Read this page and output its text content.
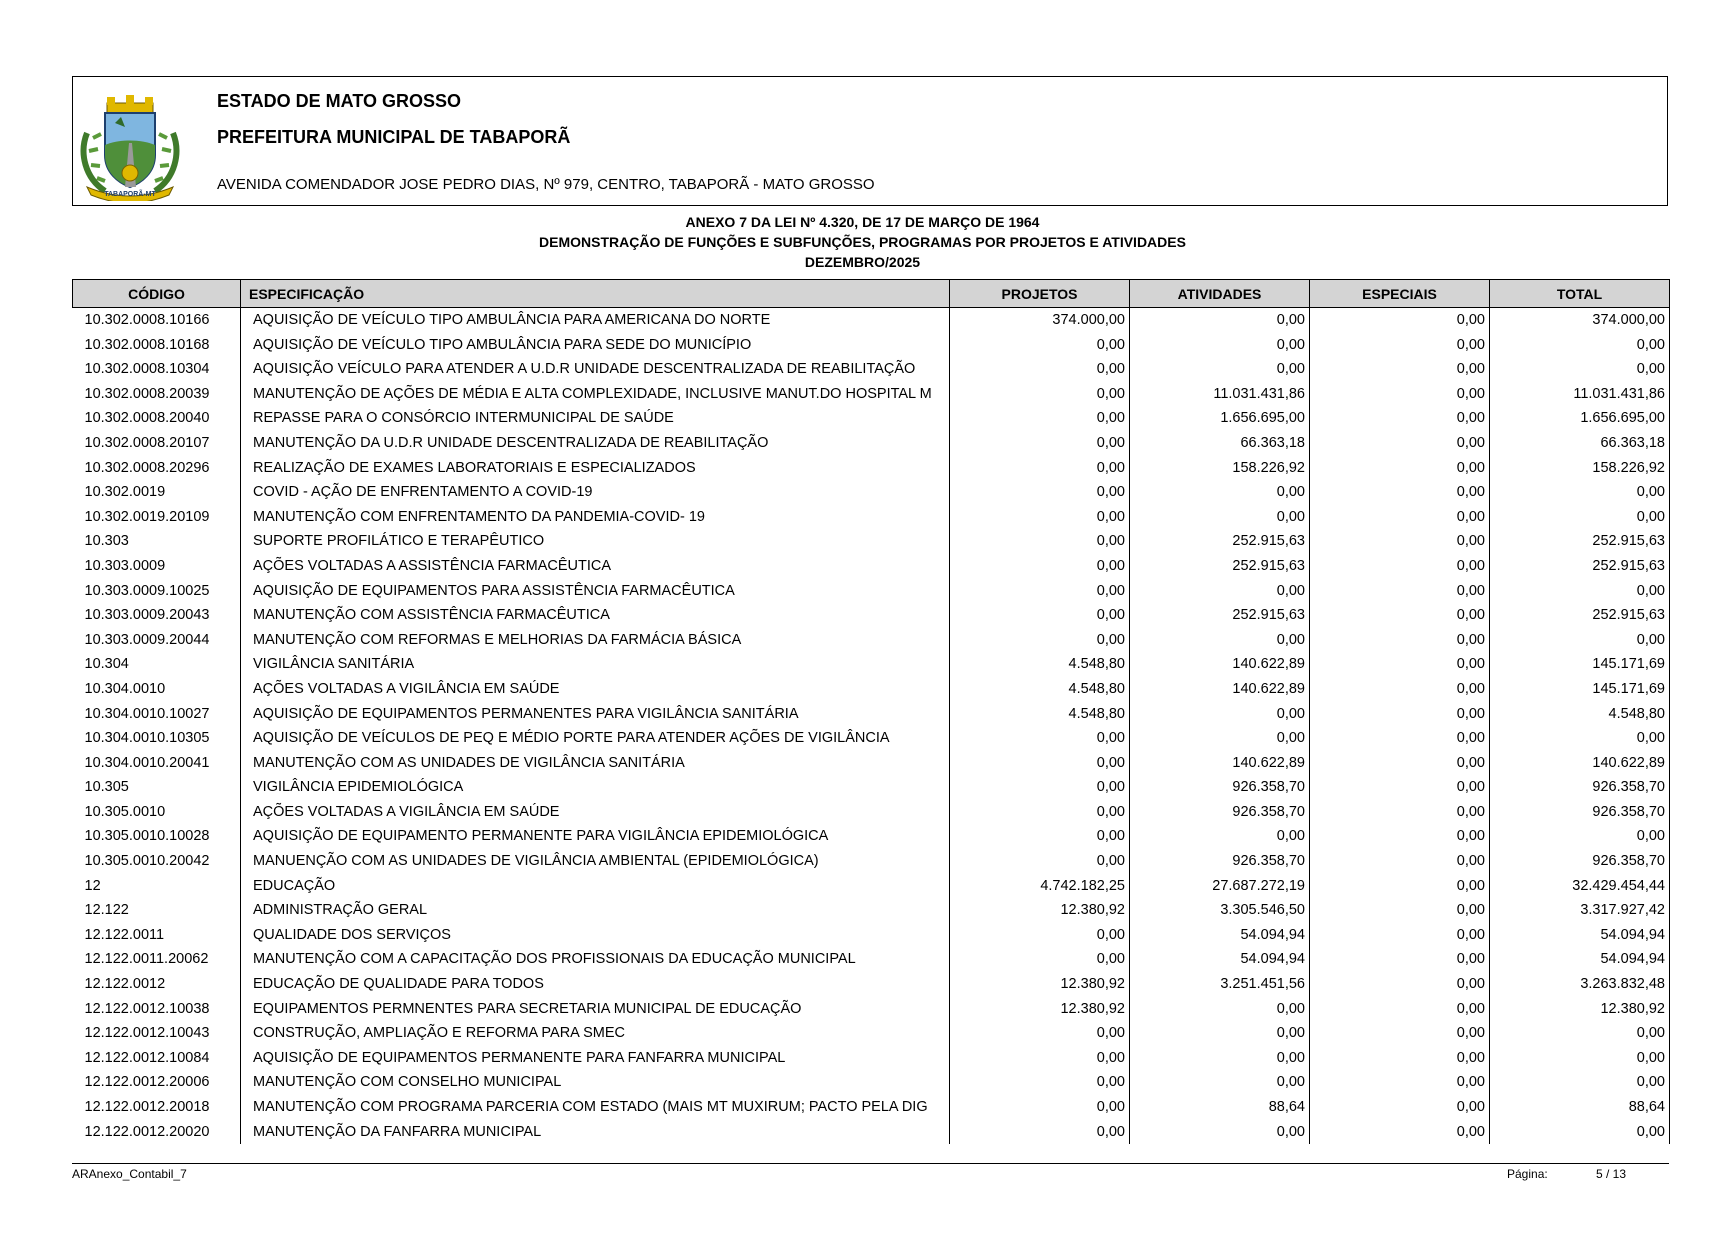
TABAPORÃ-MT
ESTADO DE MATO GROSSO
PREFEITURA MUNICIPAL DE TABAPORÃ
AVENIDA COMENDADOR JOSE PEDRO DIAS, Nº 979, CENTRO, TABAPORÃ - MATO GROSSO
ANEXO 7 DA LEI Nº 4.320, DE 17 DE MARÇO DE 1964
DEMONSTRAÇÃO DE FUNÇÕES E SUBFUNÇÕES, PROGRAMAS POR PROJETOS E ATIVIDADES
DEZEMBRO/2025
CÓDIGO	ESPECIFICAÇÃO	PROJETOS	ATIVIDADES	ESPECIAIS	TOTAL
10.302.0008.10166	AQUISIÇÃO DE VEÍCULO TIPO AMBULÂNCIA PARA AMERICANA DO NORTE	374.000,00	0,00	0,00	374.000,00
10.302.0008.10168	AQUISIÇÃO DE VEÍCULO TIPO AMBULÂNCIA PARA SEDE DO MUNICÍPIO	0,00	0,00	0,00	0,00
10.302.0008.10304	AQUISIÇÃO VEÍCULO PARA ATENDER A U.D.R UNIDADE DESCENTRALIZADA DE REABILITAÇÃO	0,00	0,00	0,00	0,00
10.302.0008.20039	MANUTENÇÃO DE AÇÕES DE MÉDIA E ALTA COMPLEXIDADE, INCLUSIVE MANUT.DO HOSPITAL M	0,00	11.031.431,86	0,00	11.031.431,86
10.302.0008.20040	REPASSE PARA O CONSÓRCIO INTERMUNICIPAL DE SAÚDE	0,00	1.656.695,00	0,00	1.656.695,00
10.302.0008.20107	MANUTENÇÃO DA U.D.R UNIDADE DESCENTRALIZADA DE REABILITAÇÃO	0,00	66.363,18	0,00	66.363,18
10.302.0008.20296	REALIZAÇÃO DE EXAMES LABORATORIAIS E ESPECIALIZADOS	0,00	158.226,92	0,00	158.226,92
10.302.0019	COVID - AÇÃO DE ENFRENTAMENTO A COVID-19	0,00	0,00	0,00	0,00
10.302.0019.20109	MANUTENÇÃO COM ENFRENTAMENTO DA PANDEMIA-COVID- 19	0,00	0,00	0,00	0,00
10.303	SUPORTE PROFILÁTICO E TERAPÊUTICO	0,00	252.915,63	0,00	252.915,63
10.303.0009	AÇÕES VOLTADAS A ASSISTÊNCIA FARMACÊUTICA	0,00	252.915,63	0,00	252.915,63
10.303.0009.10025	AQUISIÇÃO DE EQUIPAMENTOS PARA ASSISTÊNCIA FARMACÊUTICA	0,00	0,00	0,00	0,00
10.303.0009.20043	MANUTENÇÃO COM ASSISTÊNCIA FARMACÊUTICA	0,00	252.915,63	0,00	252.915,63
10.303.0009.20044	MANUTENÇÃO COM REFORMAS E MELHORIAS DA FARMÁCIA BÁSICA	0,00	0,00	0,00	0,00
10.304	VIGILÂNCIA SANITÁRIA	4.548,80	140.622,89	0,00	145.171,69
10.304.0010	AÇÕES VOLTADAS A VIGILÂNCIA EM SAÚDE	4.548,80	140.622,89	0,00	145.171,69
10.304.0010.10027	AQUISIÇÃO DE EQUIPAMENTOS PERMANENTES PARA VIGILÂNCIA SANITÁRIA	4.548,80	0,00	0,00	4.548,80
10.304.0010.10305	AQUISIÇÃO DE VEÍCULOS DE PEQ E MÉDIO PORTE PARA ATENDER AÇÕES DE VIGILÂNCIA	0,00	0,00	0,00	0,00
10.304.0010.20041	MANUTENÇÃO COM AS UNIDADES DE VIGILÂNCIA SANITÁRIA	0,00	140.622,89	0,00	140.622,89
10.305	VIGILÂNCIA EPIDEMIOLÓGICA	0,00	926.358,70	0,00	926.358,70
10.305.0010	AÇÕES VOLTADAS A VIGILÂNCIA EM SAÚDE	0,00	926.358,70	0,00	926.358,70
10.305.0010.10028	AQUISIÇÃO DE EQUIPAMENTO PERMANENTE PARA VIGILÂNCIA EPIDEMIOLÓGICA	0,00	0,00	0,00	0,00
10.305.0010.20042	MANUENÇÃO COM AS UNIDADES DE VIGILÂNCIA AMBIENTAL (EPIDEMIOLÓGICA)	0,00	926.358,70	0,00	926.358,70
12	EDUCAÇÃO	4.742.182,25	27.687.272,19	0,00	32.429.454,44
12.122	ADMINISTRAÇÃO GERAL	12.380,92	3.305.546,50	0,00	3.317.927,42
12.122.0011	QUALIDADE DOS SERVIÇOS	0,00	54.094,94	0,00	54.094,94
12.122.0011.20062	MANUTENÇÃO COM A CAPACITAÇÃO DOS PROFISSIONAIS DA EDUCAÇÃO MUNICIPAL	0,00	54.094,94	0,00	54.094,94
12.122.0012	EDUCAÇÃO DE QUALIDADE PARA TODOS	12.380,92	3.251.451,56	0,00	3.263.832,48
12.122.0012.10038	EQUIPAMENTOS PERMNENTES PARA SECRETARIA MUNICIPAL DE EDUCAÇÃO	12.380,92	0,00	0,00	12.380,92
12.122.0012.10043	CONSTRUÇÃO, AMPLIAÇÃO E REFORMA PARA SMEC	0,00	0,00	0,00	0,00
12.122.0012.10084	AQUISIÇÃO DE EQUIPAMENTOS PERMANENTE PARA FANFARRA MUNICIPAL	0,00	0,00	0,00	0,00
12.122.0012.20006	MANUTENÇÃO COM CONSELHO MUNICIPAL	0,00	0,00	0,00	0,00
12.122.0012.20018	MANUTENÇÃO COM PROGRAMA PARCERIA COM ESTADO (MAIS MT MUXIRUM; PACTO PELA DIG	0,00	88,64	0,00	88,64
12.122.0012.20020	MANUTENÇÃO DA FANFARRA MUNICIPAL	0,00	0,00	0,00	0,00
ARAnexo_Contabil_7	Página:	5 / 13
